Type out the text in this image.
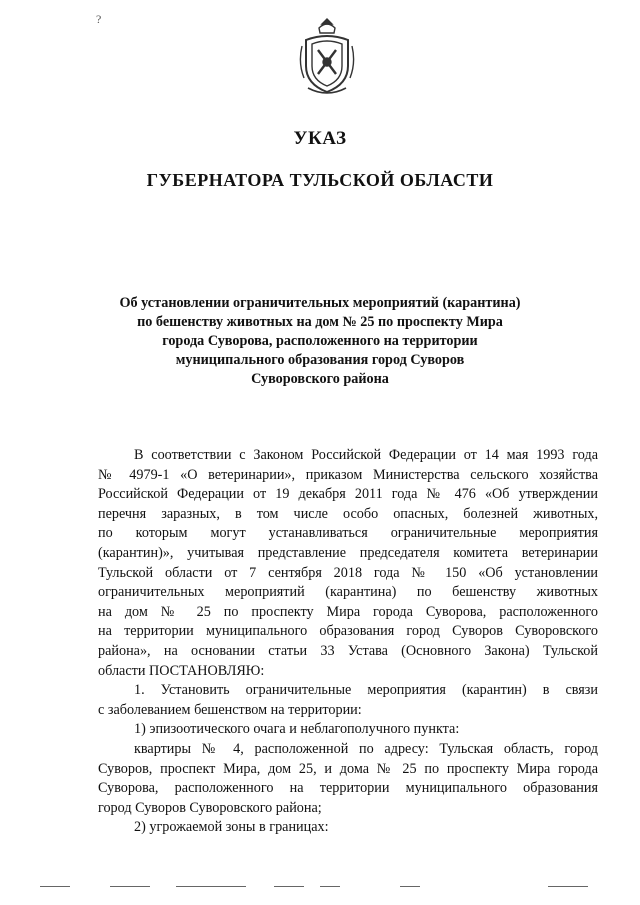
?
УКАЗ
ГУБЕРНАТОРА ТУЛЬСКОЙ ОБЛАСТИ
Об установлении ограничительных мероприятий (карантина)
по бешенству животных на дом № 25 по проспекту Мира
города Суворова, расположенного на территории
муниципального образования город Суворов
Суворовского района
В соответствии с Законом Российской Федерации от 14 мая 1993 года
№ 4979-1 «О ветеринарии», приказом Министерства сельского хозяйства
Российской Федерации от 19 декабря 2011 года № 476 «Об утверждении
перечня заразных, в том числе особо опасных, болезней животных,
по которым могут устанавливаться ограничительные мероприятия
(карантин)», учитывая представление председателя комитета ветеринарии
Тульской области от 7 сентября 2018 года № 150 «Об установлении
ограничительных мероприятий (карантина) по бешенству животных
на дом № 25 по проспекту Мира города Суворова, расположенного
на территории муниципального образования город Суворов Суворовского
района», на основании статьи 33 Устава (Основного Закона) Тульской
области ПОСТАНОВЛЯЮ:
1. Установить ограничительные мероприятия (карантин) в связи
с заболеванием бешенством на территории:
1) эпизоотического очага и неблагополучного пункта:
квартиры № 4, расположенной по адресу: Тульская область, город
Суворов, проспект Мира, дом 25, и дома № 25 по проспекту Мира города
Суворова, расположенного на территории муниципального образования
город Суворов Суворовского района;
2) угрожаемой зоны в границах:
